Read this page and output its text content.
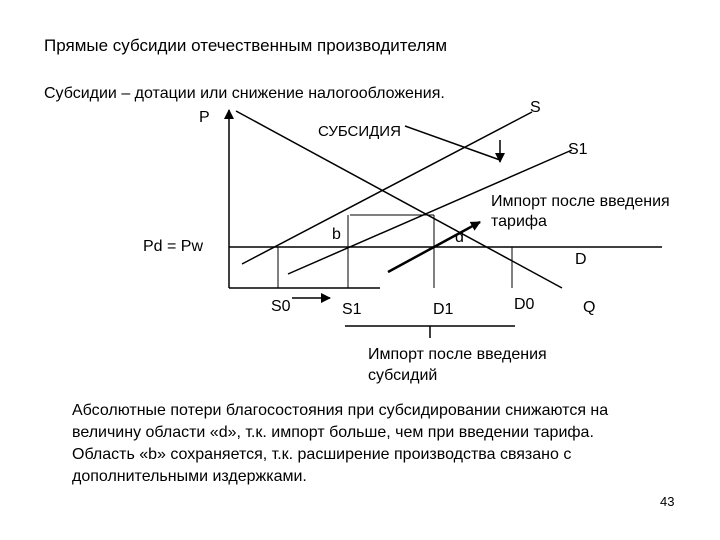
Прямые субсидии отечественным производителям
Субсидии – дотации или снижение налогообложения.
P
Q
Pd = Pw
СУБСИДИЯ
S
S1
D
b	d
S0	S1	D1	D0
Импорт после введения
тарифа
Импорт после введения
субсидий
Абсолютные потери благосостояния при субсидировании снижаются на
величину области «d», т.к. импорт больше, чем при введении тарифа.
Область «b» сохраняется, т.к. расширение производства связано с
дополнительными издержками.
43
